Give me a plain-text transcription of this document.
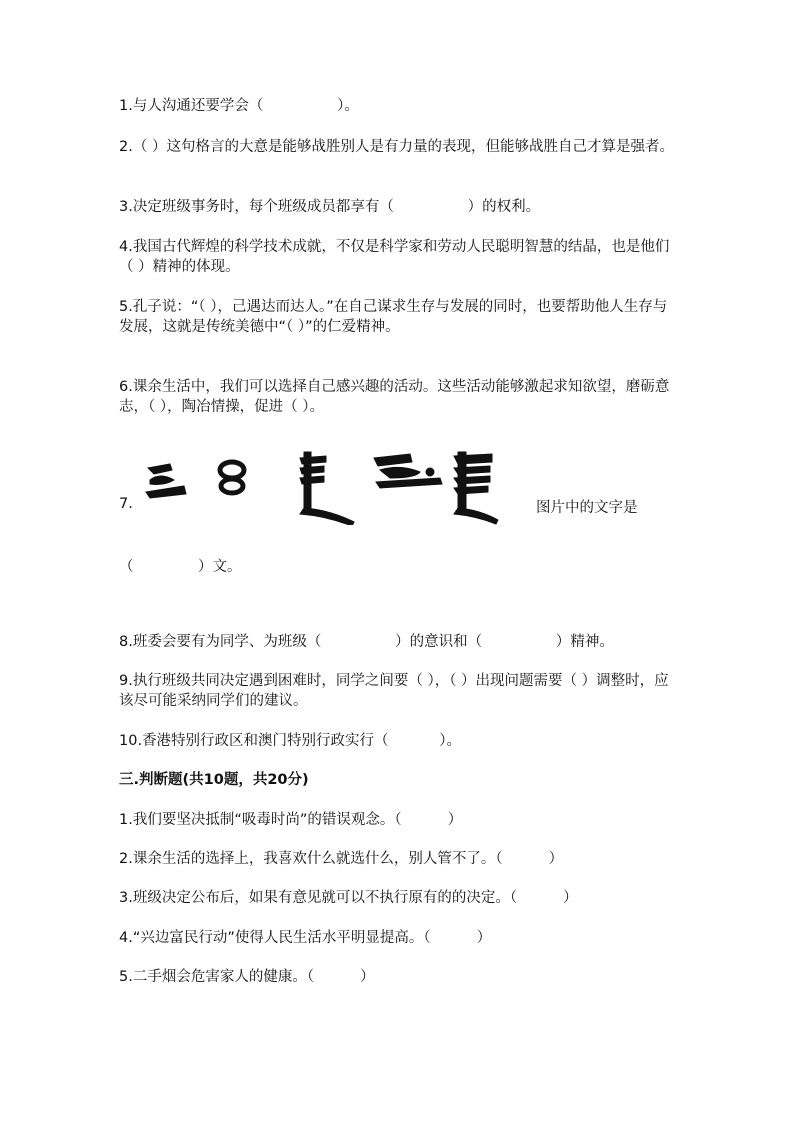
1.与人沟通还要学会（                ）。
2.（ ）这句格言的大意是能够战胜别人是有力量的表现，但能够战胜自己才算是强者。
3.决定班级事务时，每个班级成员都享有（                ）的权利。
4.我国古代辉煌的科学技术成就，不仅是科学家和劳动人民聪明智慧的结晶，也是他们（ ）精神的体现。
5.孔子说：“（ ），己遇达而达人。”在自己谋求生存与发展的同时，也要帮助他人生存与发展，这就是传统美德中“（ ）”的仁爱精神。
6.课余生活中，我们可以选择自己感兴趣的活动。这些活动能够激起求知欲望，磨砺意志，（ ），陶冶情操，促进（ ）。
7.	图片中的文字是
（              ）文。
8.班委会要有为同学、为班级（                ）的意识和（                ）精神。
9.执行班级共同决定遇到困难时，同学之间要（ ），（ ）出现问题需要（ ）调整时，应该尽可能采纳同学们的建议。
10.香港特别行政区和澳门特别行政实行（           ）。
三.判断题(共10题，共20分)
1.我们要坚决抵制“吸毒时尚”的错误观念。（          ）
2.课余生活的选择上，我喜欢什么就选什么，别人管不了。（          ）
3.班级决定公布后，如果有意见就可以不执行原有的的决定。（          ）
4.“兴边富民行动”使得人民生活水平明显提高。（          ）
5.二手烟会危害家人的健康。（          ）
